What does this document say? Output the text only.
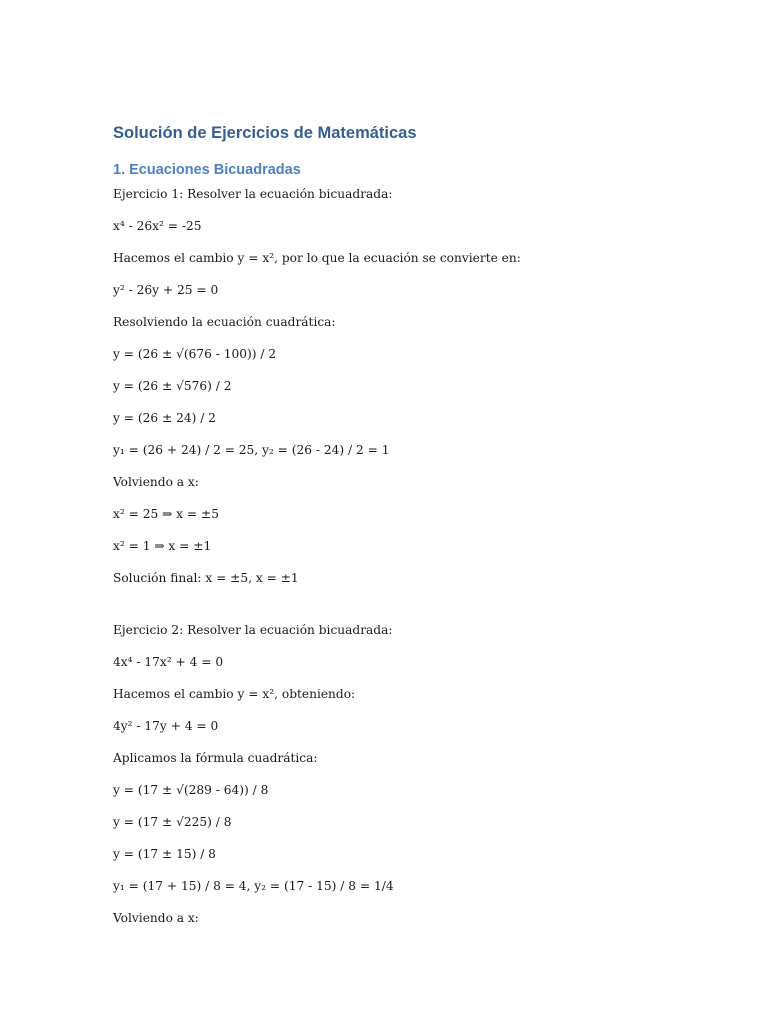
Solución de Ejercicios de Matemáticas
1. Ecuaciones Bicuadradas

Ejercicio 1: Resolver la ecuación bicuadrada:

x⁴ - 26x² = -25

Hacemos el cambio y = x², por lo que la ecuación se convierte en:

y² - 26y + 25 = 0

Resolviendo la ecuación cuadrática:

y = (26 ± √(676 - 100)) / 2

y = (26 ± √576) / 2

y = (26 ± 24) / 2

y₁ = (26 + 24) / 2 = 25, y₂ = (26 - 24) / 2 = 1

Volviendo a x:

x² = 25 ⇒ x = ±5

x² = 1 ⇒ x = ±1

Solución final: x = ±5, x = ±1

Ejercicio 2: Resolver la ecuación bicuadrada:

4x⁴ - 17x² + 4 = 0

Hacemos el cambio y = x², obteniendo:

4y² - 17y + 4 = 0

Aplicamos la fórmula cuadrática:

y = (17 ± √(289 - 64)) / 8

y = (17 ± √225) / 8

y = (17 ± 15) / 8

y₁ = (17 + 15) / 8 = 4, y₂ = (17 - 15) / 8 = 1/4

Volviendo a x:
